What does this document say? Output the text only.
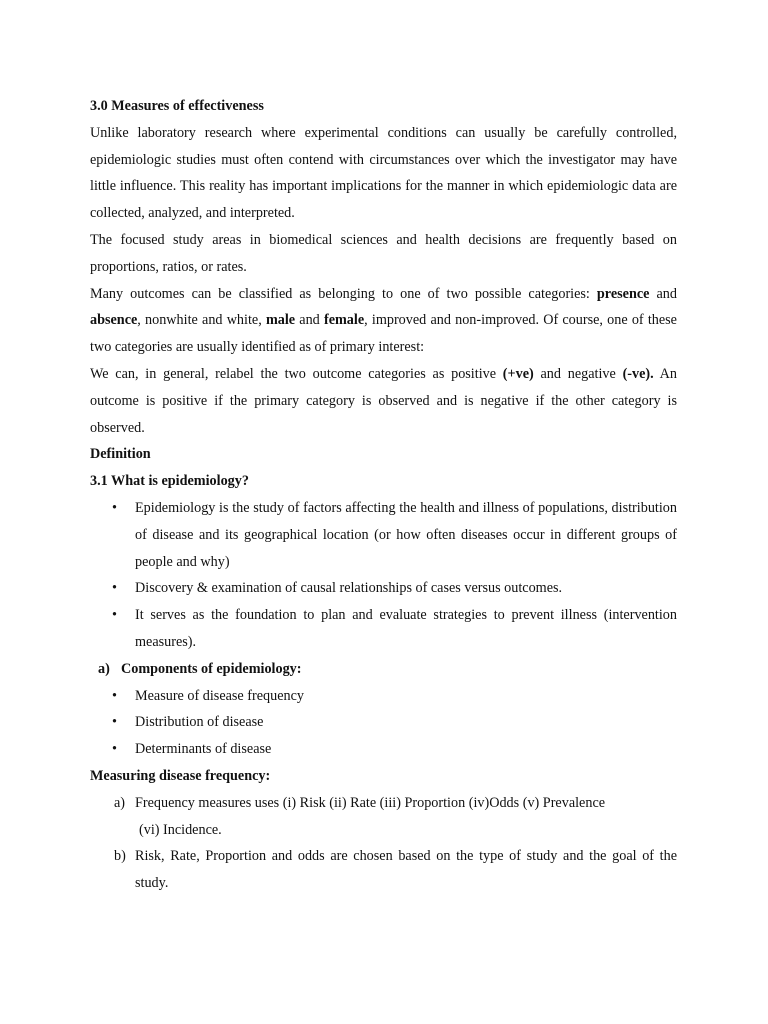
3.0 Measures of effectiveness

Unlike laboratory research where experimental conditions can usually be carefully controlled, epidemiologic studies must often contend with circumstances over which the investigator may have little influence. This reality has important implications for the manner in which epidemiologic data are collected, analyzed, and interpreted.

The focused study areas in biomedical sciences and health decisions are frequently based on proportions, ratios, or rates.

Many outcomes can be classified as belonging to one of two possible categories: presence and absence, nonwhite and white, male and female, improved and non-improved. Of course, one of these two categories are usually identified as of primary interest:

We can, in general, relabel the two outcome categories as positive (+ve) and negative (-ve). An outcome is positive if the primary category is observed and is negative if the other category is observed.

Definition

3.1 What is epidemiology?

• Epidemiology is the study of factors affecting the health and illness of populations, distribution of disease and its geographical location (or how often diseases occur in different groups of people and why)
• Discovery & examination of causal relationships of cases versus outcomes.
• It serves as the foundation to plan and evaluate strategies to prevent illness (intervention measures).
a) Components of epidemiology:
• Measure of disease frequency
• Distribution of disease
• Determinants of disease

Measuring disease frequency:

a) Frequency measures uses (i) Risk (ii) Rate (iii) Proportion (iv)Odds (v) Prevalence
(vi) Incidence.
b) Risk, Rate, Proportion and odds are chosen based on the type of study and the goal of the study.
